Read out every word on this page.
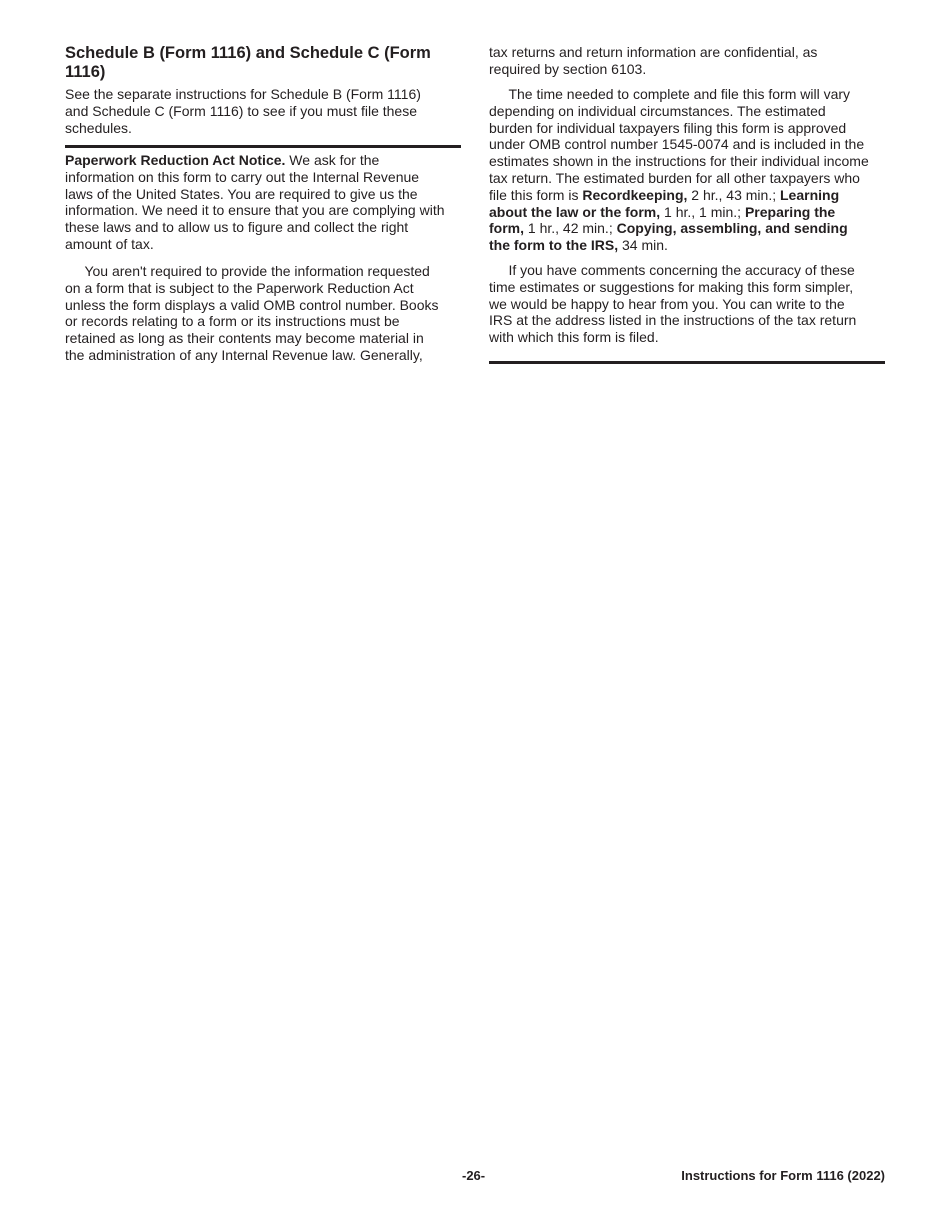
Schedule B (Form 1116) and Schedule C (Form
1116)
See the separate instructions for Schedule B (Form 1116)
and Schedule C (Form 1116) to see if you must file these
schedules.
Paperwork Reduction Act Notice. We ask for the
information on this form to carry out the Internal Revenue
laws of the United States. You are required to give us the
information. We need it to ensure that you are complying with
these laws and to allow us to figure and collect the right
amount of tax.
You aren't required to provide the information requested
on a form that is subject to the Paperwork Reduction Act
unless the form displays a valid OMB control number. Books
or records relating to a form or its instructions must be
retained as long as their contents may become material in
the administration of any Internal Revenue law. Generally,
tax returns and return information are confidential, as
required by section 6103.
The time needed to complete and file this form will vary
depending on individual circumstances. The estimated
burden for individual taxpayers filing this form is approved
under OMB control number 1545-0074 and is included in the
estimates shown in the instructions for their individual income
tax return. The estimated burden for all other taxpayers who
file this form is Recordkeeping, 2 hr., 43 min.; Learning
about the law or the form, 1 hr., 1 min.; Preparing the
form, 1 hr., 42 min.; Copying, assembling, and sending
the form to the IRS, 34 min.
If you have comments concerning the accuracy of these
time estimates or suggestions for making this form simpler,
we would be happy to hear from you. You can write to the
IRS at the address listed in the instructions of the tax return
with which this form is filed.
-26-	Instructions for Form 1116 (2022)
